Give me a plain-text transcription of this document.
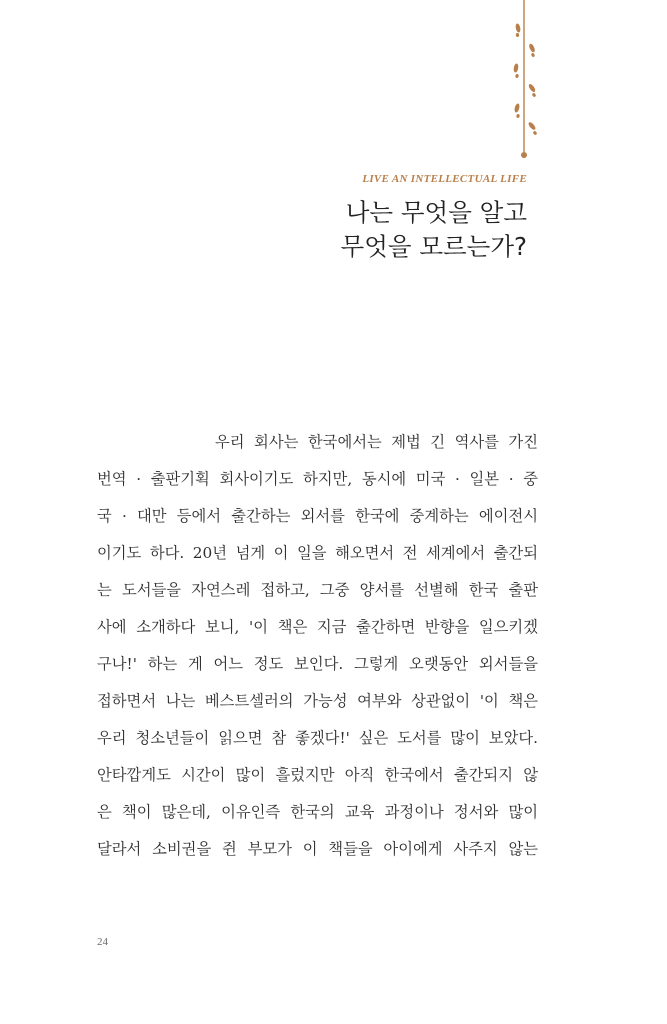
LIVE AN INTELLECTUAL LIFE
나는 무엇을 알고
무엇을 모르는가?

우리 회사는 한국에서는 제법 긴 역사를 가진
번역 · 출판기획 회사이기도 하지만, 동시에 미국 · 일본 · 중
국 · 대만 등에서 출간하는 외서를 한국에 중계하는 에이전시
이기도 하다. 20년 넘게 이 일을 해오면서 전 세계에서 출간되
는 도서들을 자연스레 접하고, 그중 양서를 선별해 한국 출판
사에 소개하다 보니, '이 책은 지금 출간하면 반향을 일으키겠
구나!' 하는 게 어느 정도 보인다. 그렇게 오랫동안 외서들을
접하면서 나는 베스트셀러의 가능성 여부와 상관없이 '이 책은
우리 청소년들이 읽으면 참 좋겠다!' 싶은 도서를 많이 보았다.
안타깝게도 시간이 많이 흘렀지만 아직 한국에서 출간되지 않
은 책이 많은데, 이유인즉 한국의 교육 과정이나 정서와 많이
달라서 소비권을 쥔 부모가 이 책들을 아이에게 사주지 않는

24
